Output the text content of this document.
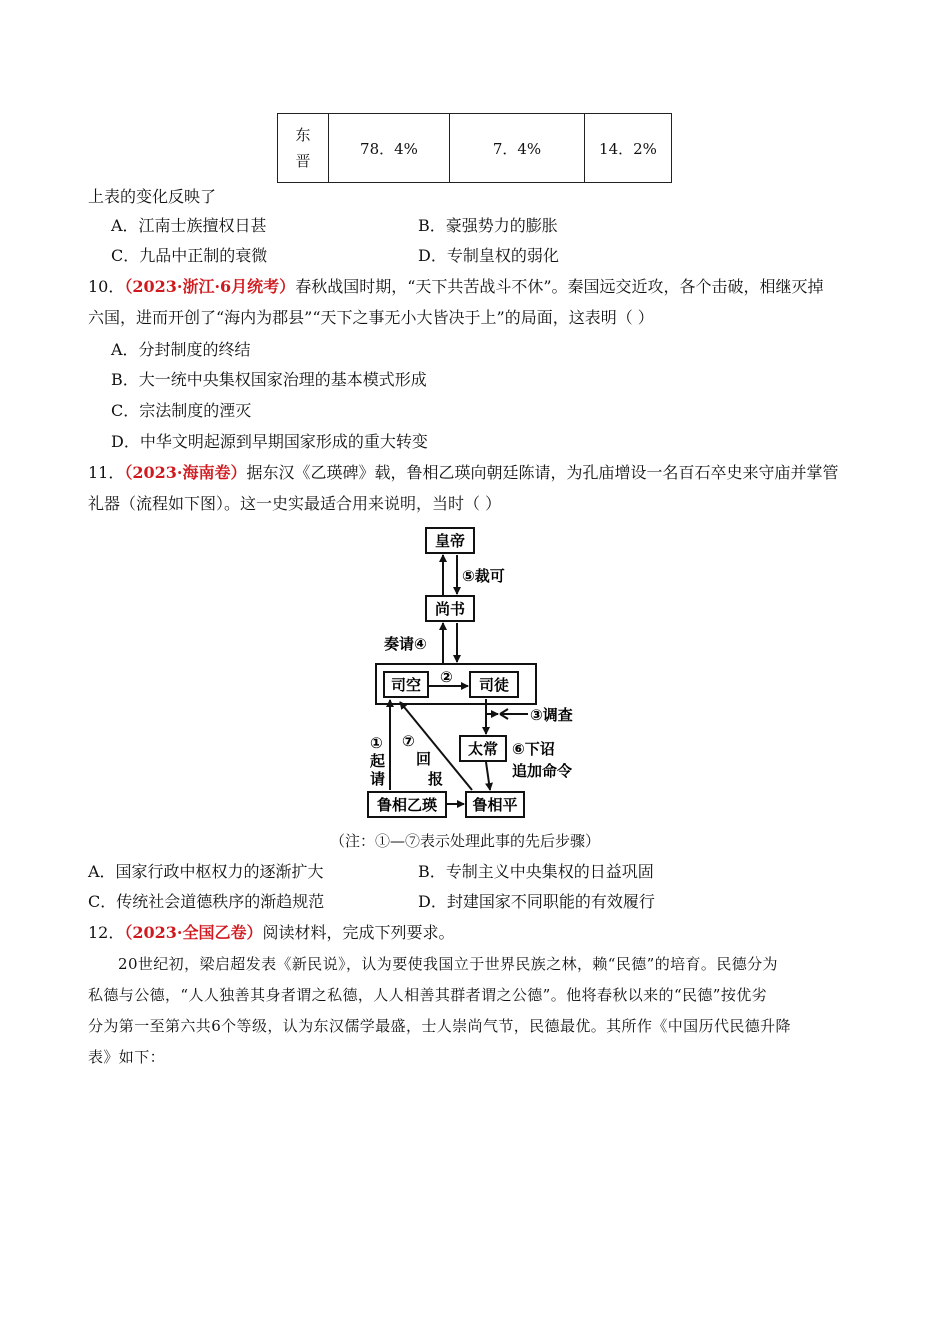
东
晋
	78．4%	7．4%	14．2%
上表的变化反映了
A．江南士族擅权日甚	B．豪强势力的膨胀
C．九品中正制的衰微	D．专制皇权的弱化
10．（2023·浙江·6月统考）春秋战国时期，“天下共苦战斗不休”。秦国远交近攻，各个击破，相继灭掉
六国，进而开创了“海内为郡县”“天下之事无小大皆决于上”的局面，这表明（ ）
A．分封制度的终结
B．大一统中央集权国家治理的基本模式形成
C．宗法制度的湮灭
D．中华文明起源到早期国家形成的重大转变
11．（2023·海南卷）据东汉《乙瑛碑》载，鲁相乙瑛向朝廷陈请，为孔庙增设一名百石卒史来守庙并掌管
礼器（流程如下图）。这一史实最适合用来说明，当时（ ）
皇帝
尚书
司空	司徒
太常
鲁相乙瑛 鲁相平
⑤裁可
奏请④
②
③调查
⑥下诏
追加命令
①
起
请
⑦
回
报
（注：①—⑦表示处理此事的先后步骤）
A．国家行政中枢权力的逐渐扩大	B．专制主义中央集权的日益巩固
C．传统社会道德秩序的渐趋规范	D．封建国家不同职能的有效履行
12．（2023·全国乙卷）阅读材料，完成下列要求。
20世纪初，梁启超发表《新民说》，认为要使我国立于世界民族之林，赖“民德”的培育。民德分为
私德与公德，“人人独善其身者谓之私德，人人相善其群者谓之公德”。他将春秋以来的“民德”按优劣
分为第一至第六共6个等级，认为东汉儒学最盛，士人崇尚气节，民德最优。其所作《中国历代民德升降
表》如下：
